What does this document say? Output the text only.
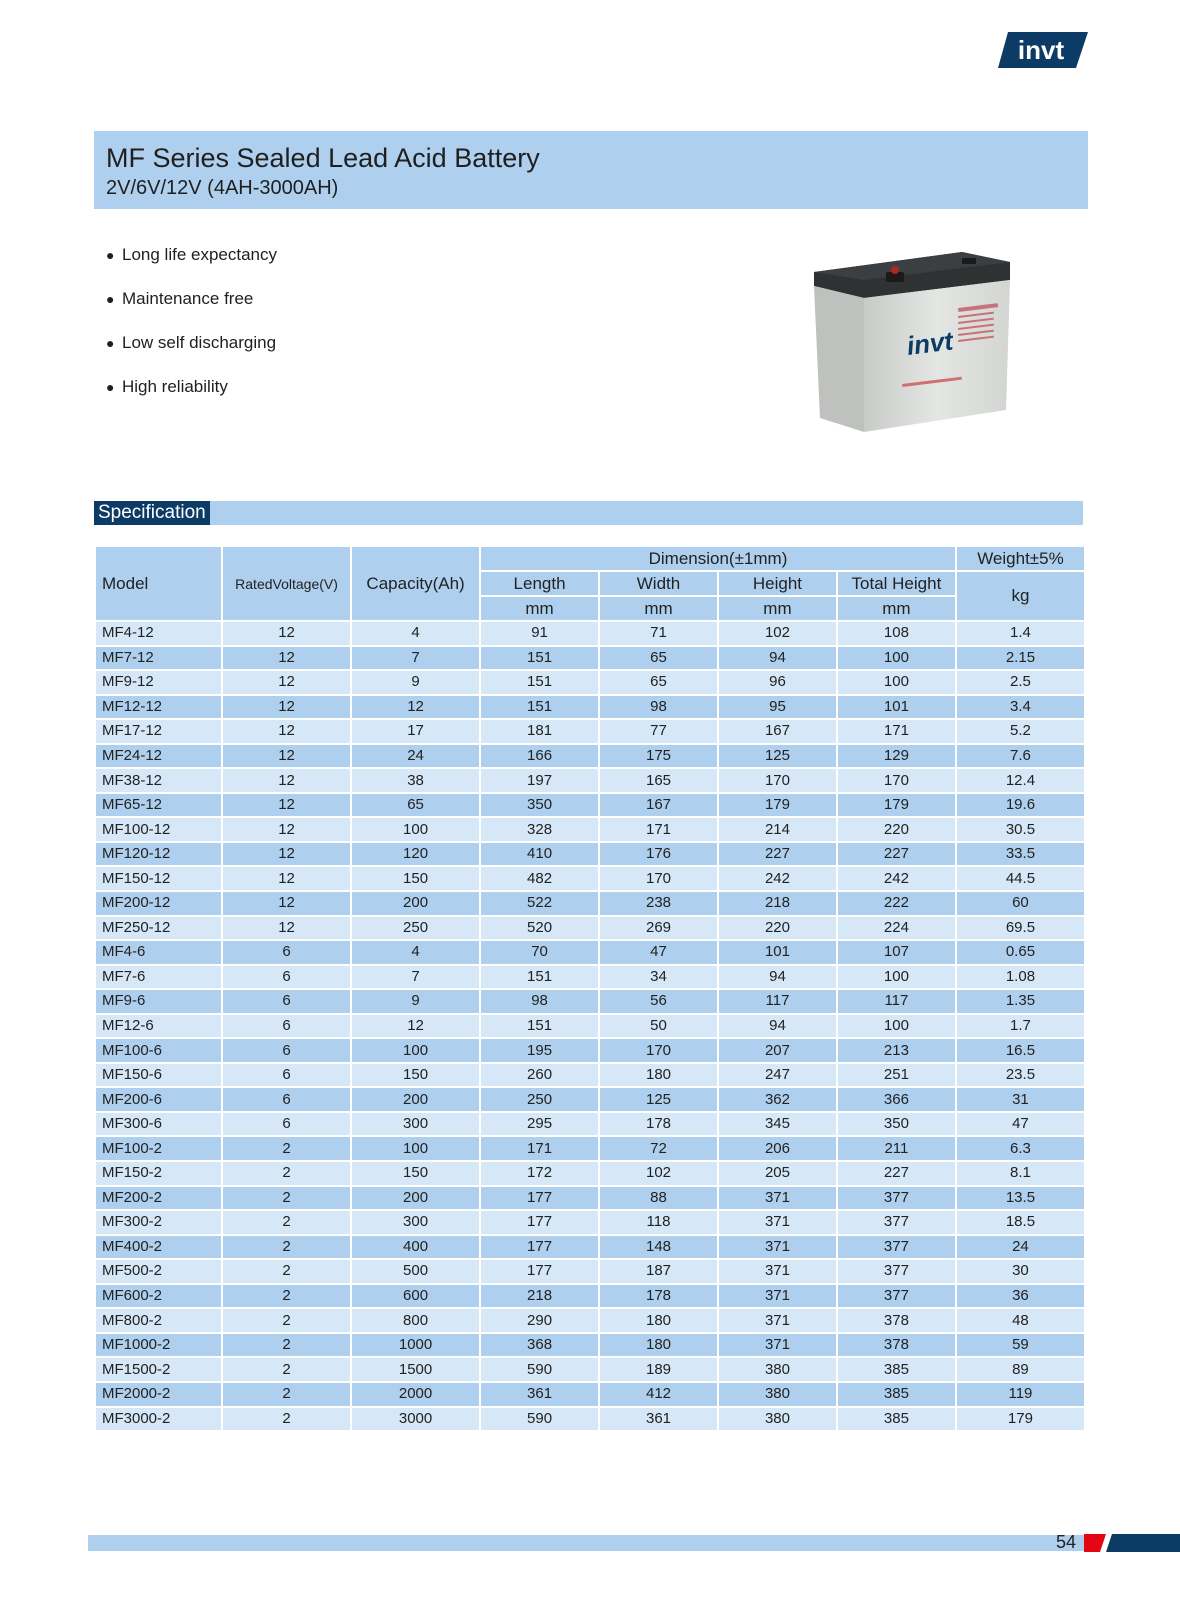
invt
MF Series Sealed Lead Acid Battery
2V/6V/12V (4AH-3000AH)
● Long life expectancy
● Maintenance free
● Low self discharging
● High reliability
invt
Specification
Model	RatedVoltage(V)	Capacity(Ah)	Dimension(±1mm)				Weight±5%
			Length	Width	Height	Total Height	kg
			mm	mm	mm	mm	
MF4-12	12	4	91	71	102	108	1.4
MF7-12	12	7	151	65	94	100	2.15
MF9-12	12	9	151	65	96	100	2.5
MF12-12	12	12	151	98	95	101	3.4
MF17-12	12	17	181	77	167	171	5.2
MF24-12	12	24	166	175	125	129	7.6
MF38-12	12	38	197	165	170	170	12.4
MF65-12	12	65	350	167	179	179	19.6
MF100-12	12	100	328	171	214	220	30.5
MF120-12	12	120	410	176	227	227	33.5
MF150-12	12	150	482	170	242	242	44.5
MF200-12	12	200	522	238	218	222	60
MF250-12	12	250	520	269	220	224	69.5
MF4-6	6	4	70	47	101	107	0.65
MF7-6	6	7	151	34	94	100	1.08
MF9-6	6	9	98	56	117	117	1.35
MF12-6	6	12	151	50	94	100	1.7
MF100-6	6	100	195	170	207	213	16.5
MF150-6	6	150	260	180	247	251	23.5
MF200-6	6	200	250	125	362	366	31
MF300-6	6	300	295	178	345	350	47
MF100-2	2	100	171	72	206	211	6.3
MF150-2	2	150	172	102	205	227	8.1
MF200-2	2	200	177	88	371	377	13.5
MF300-2	2	300	177	118	371	377	18.5
MF400-2	2	400	177	148	371	377	24
MF500-2	2	500	177	187	371	377	30
MF600-2	2	600	218	178	371	377	36
MF800-2	2	800	290	180	371	378	48
MF1000-2	2	1000	368	180	371	378	59
MF1500-2	2	1500	590	189	380	385	89
MF2000-2	2	2000	361	412	380	385	119
MF3000-2	2	3000	590	361	380	385	179
54
